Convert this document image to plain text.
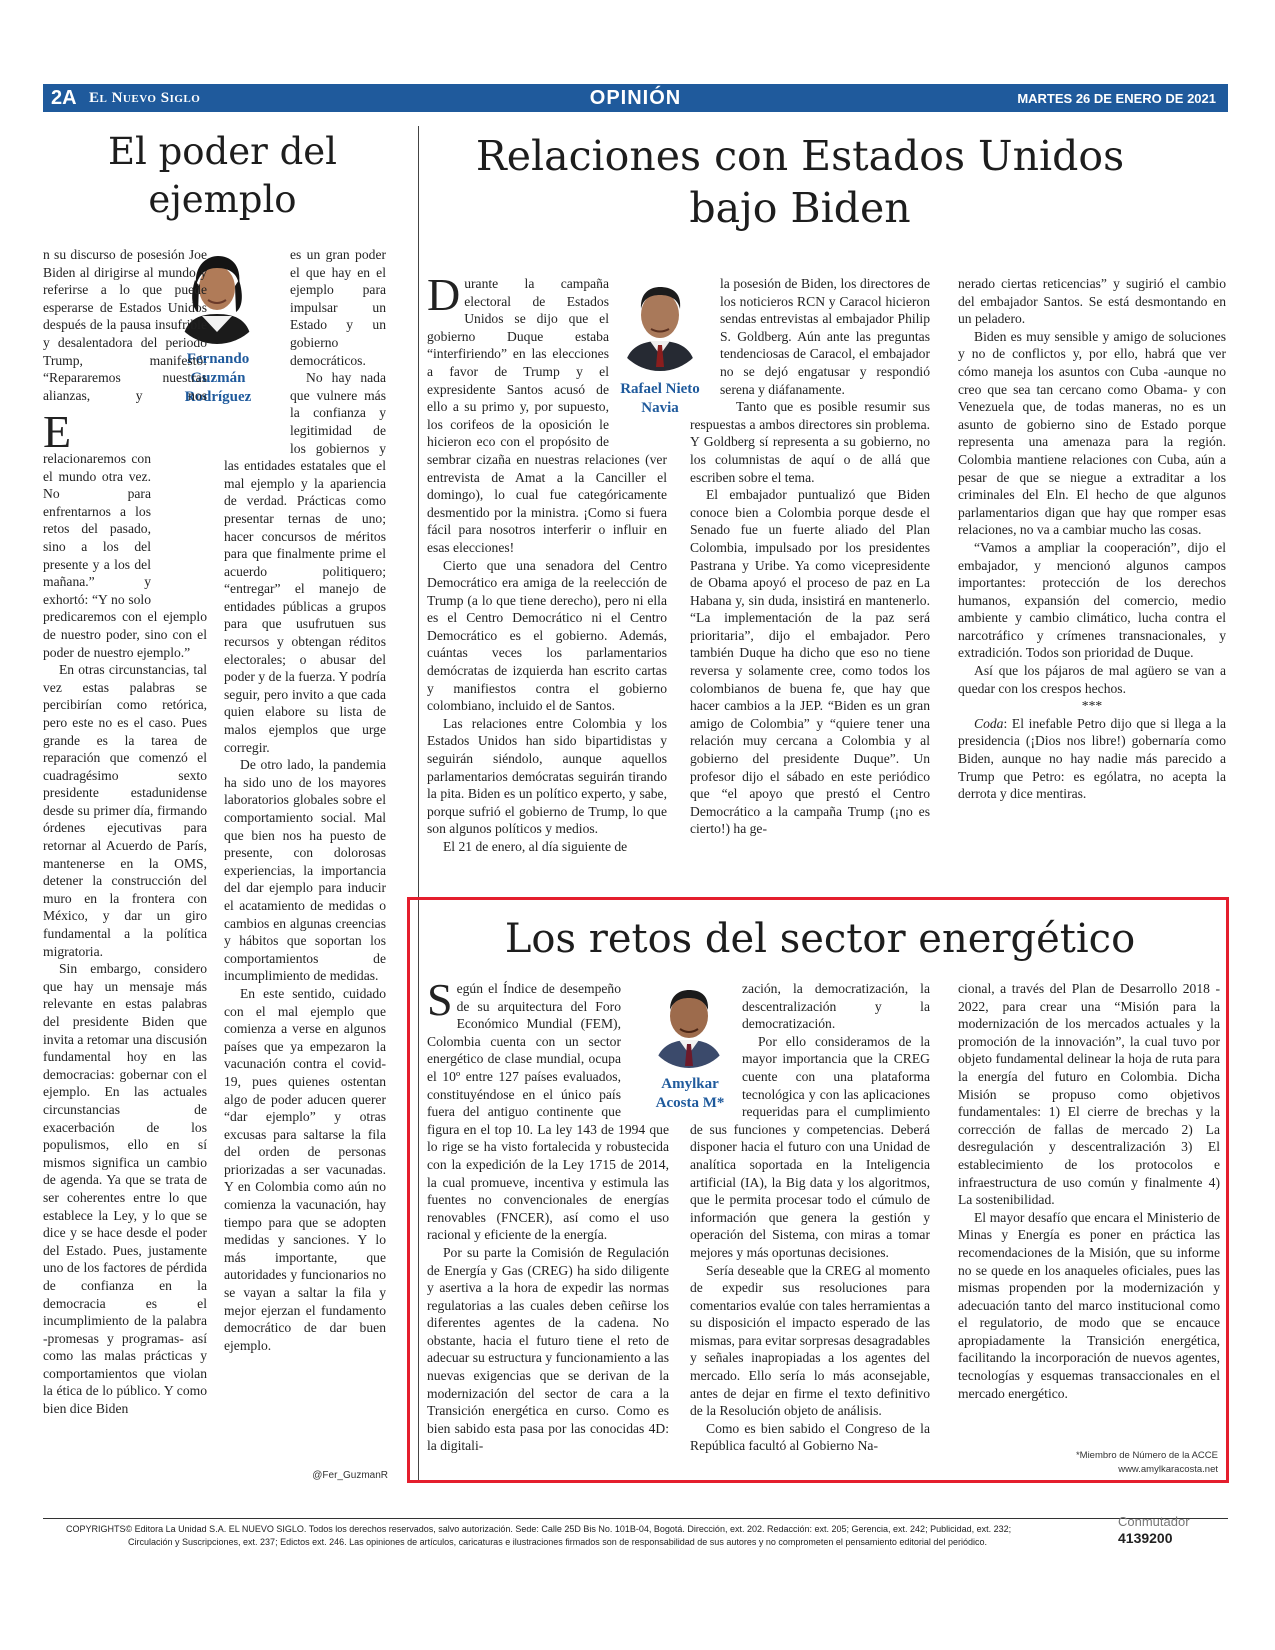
2A El Nuevo Siglo	OPINIÓN	MARTES 26 DE ENERO DE 2021
El poder del ejemplo
Fernando
Guzmán
Rodríguez

E
n su discurso de posesión Joe Biden al dirigirse al mundo y referirse a lo que puede esperarse de Estados Unidos después de la pausa insufrible y desalentadora del periodo Trump, manifestó: “Repararemos nuestras alianzas, y nos relacionaremos con el mundo otra vez. No para enfrentarnos a los retos del pasado, sino a los del presente y a los del mañana.” y exhortó: “Y no solo predicaremos con el ejemplo de nuestro poder, sino con el poder de nuestro ejemplo.”

En otras circunstancias, tal vez estas palabras se percibirían como retórica, pero este no es el caso. Pues grande es la tarea de reparación que comenzó el cuadragésimo sexto presidente estadunidense desde su primer día, firmando órdenes ejecutivas para retornar al Acuerdo de París, mantenerse en la OMS, detener la construcción del muro en la frontera con México, y dar un giro fundamental a la política migratoria.

Sin embargo, considero que hay un mensaje más relevante en estas palabras del presidente Biden que invita a retomar una discusión fundamental hoy en las democracias: gobernar con el ejemplo. En las actuales circunstancias de exacerbación de los populismos, ello en sí mismos significa un cambio de agenda. Ya que se trata de ser coherentes entre lo que establece la Ley, y lo que se dice y se hace desde el poder del Estado. Pues, justamente uno de los factores de pérdida de confianza en la democracia es el incumplimiento de la palabra -promesas y programas- así como las malas prácticas y comportamientos que violan la ética de lo público. Y como bien dice Biden

es un gran poder el que hay en el ejemplo para impulsar un Estado y un gobierno democráticos.

No hay nada que vulnere más la confianza y legitimidad de los gobiernos y las entidades estatales que el mal ejemplo y la apariencia de verdad. Prácticas como presentar ternas de uno; hacer concursos de méritos para que finalmente prime el acuerdo politiquero; “entregar” el manejo de entidades públicas a grupos para que usufrutuen sus recursos y obtengan réditos electorales; o abusar del poder y de la fuerza. Y podría seguir, pero invito a que cada quien elabore su lista de malos ejemplos que urge corregir.

De otro lado, la pandemia ha sido uno de los mayores laboratorios globales sobre el comportamiento social. Mal que bien nos ha puesto de presente, con dolorosas experiencias, la importancia del dar ejemplo para inducir el acatamiento de medidas o cambios en algunas creencias y hábitos que soportan los comportamientos de incumplimiento de medidas.

En este sentido, cuidado con el mal ejemplo que comienza a verse en algunos países que ya empezaron la vacunación contra el covid-19, pues quienes ostentan algo de poder aducen querer “dar ejemplo” y otras excusas para saltarse la fila del orden de personas priorizadas a ser vacunadas. Y en Colombia como aún no comienza la vacunación, hay tiempo para que se adopten medidas y sanciones. Y lo más importante, que autoridades y funcionarios no se vayan a saltar la fila y mejor ejerzan el fundamento democrático de dar buen ejemplo.

@Fer_GuzmanR
Relaciones con Estados Unidos bajo Biden
Rafael Nieto
Navia

Durante la campaña electoral de Estados Unidos se dijo que el gobierno Duque estaba “interfiriendo” en las elecciones a favor de Trump y el expresidente Santos acusó de ello a su primo y, por supuesto, los corifeos de la oposición le hicieron eco con el propósito de sembrar cizaña en nuestras relaciones (ver entrevista de Amat a la Canciller el domingo), lo cual fue categóricamente desmentido por la ministra. ¡Como si fuera fácil para nosotros interferir o influir en esas elecciones!

Cierto que una senadora del Centro Democrático era amiga de la reelección de Trump (a lo que tiene derecho), pero ni ella es el Centro Democrático ni el Centro Democrático es el gobierno. Además, cuántas veces los parlamentarios demócratas de izquierda han escrito cartas y manifiestos contra el gobierno colombiano, incluido el de Santos.

Las relaciones entre Colombia y los Estados Unidos han sido bipartidistas y seguirán siéndolo, aunque aquellos parlamentarios demócratas seguirán tirando la pita. Biden es un político experto, y sabe, porque sufrió el gobierno de Trump, lo que son algunos políticos y medios.

El 21 de enero, al día siguiente de

la posesión de Biden, los directores de los noticieros RCN y Caracol hicieron sendas entrevistas al embajador Philip S. Goldberg. Aún ante las preguntas tendenciosas de Caracol, el embajador no se dejó engatusar y respondió serena y diáfanamente.

Tanto que es posible resumir sus respuestas a ambos directores sin problema. Y Goldberg sí representa a su gobierno, no los columnistas de aquí o de allá que escriben sobre el tema.

El embajador puntualizó que Biden conoce bien a Colombia porque desde el Senado fue un fuerte aliado del Plan Colombia, impulsado por los presidentes Pastrana y Uribe. Ya como vicepresidente de Obama apoyó el proceso de paz en La Habana y, sin duda, insistirá en mantenerlo. “La implementación de la paz será prioritaria”, dijo el embajador. Pero también Duque ha dicho que eso no tiene reversa y solamente cree, como todos los colombianos de buena fe, que hay que hacer cambios a la JEP. “Biden es un gran amigo de Colombia” y “quiere tener una relación muy cercana a Colombia y al gobierno del presidente Duque”. Un profesor dijo el sábado en este periódico que “el apoyo que prestó el Centro Democrático a la campaña Trump (¡no es cierto!) ha ge-

nerado ciertas reticencias” y sugirió el cambio del embajador Santos. Se está desmontando en un peladero.

Biden es muy sensible y amigo de soluciones y no de conflictos y, por ello, habrá que ver cómo maneja los asuntos con Cuba -aunque no creo que sea tan cercano como Obama- y con Venezuela que, de todas maneras, no es un asunto de gobierno sino de Estado porque representa una amenaza para la región. Colombia mantiene relaciones con Cuba, aún a pesar de que se niegue a extraditar a los criminales del Eln. El hecho de que algunos parlamentarios digan que hay que romper esas relaciones, no va a cambiar mucho las cosas.

“Vamos a ampliar la cooperación”, dijo el embajador, y mencionó algunos campos importantes: protección de los derechos humanos, expansión del comercio, medio ambiente y cambio climático, lucha contra el narcotráfico y crímenes transnacionales, y extradición. Todos son prioridad de Duque.

Así que los pájaros de mal agüero se van a quedar con los crespos hechos.

***

Coda: El inefable Petro dijo que si llega a la presidencia (¡Dios nos libre!) gobernaría como Biden, aunque no hay nadie más parecido a Trump que Petro: es ególatra, no acepta la derrota y dice mentiras.

Los retos del sector energético
Amylkar
Acosta M*

Según el Índice de desempeño de su arquitectura del Foro Económico Mundial (FEM), Colombia cuenta con un sector energético de clase mundial, ocupa el 10º entre 127 países evaluados, constituyéndose en el único país fuera del antiguo continente que figura en el top 10. La ley 143 de 1994 que lo rige se ha visto fortalecida y robustecida con la expedición de la Ley 1715 de 2014, la cual promueve, incentiva y estimula las fuentes no convencionales de energías renovables (FNCER), así como el uso racional y eficiente de la energía.

Por su parte la Comisión de Regulación de Energía y Gas (CREG) ha sido diligente y asertiva a la hora de expedir las normas regulatorias a las cuales deben ceñirse los diferentes agentes de la cadena. No obstante, hacia el futuro tiene el reto de adecuar su estructura y funcionamiento a las nuevas exigencias que se derivan de la modernización del sector de cara a la Transición energética en curso. Como es bien sabido esta pasa por las conocidas 4D: la digitali-

zación, la democratización, la descentralización y la democratización.

Por ello consideramos de la mayor importancia que la CREG cuente con una plataforma tecnológica y con las aplicaciones requeridas para el cumplimiento de sus funciones y competencias. Deberá disponer hacia el futuro con una Unidad de analítica soportada en la Inteligencia artificial (IA), la Big data y los algoritmos, que le permita procesar todo el cúmulo de información que genera la gestión y operación del Sistema, con miras a tomar mejores y más oportunas decisiones.

Sería deseable que la CREG al momento de expedir sus resoluciones para comentarios evalúe con tales herramientas a su disposición el impacto esperado de las mismas, para evitar sorpresas desagradables y señales inapropiadas a los agentes del mercado. Ello sería lo más aconsejable, antes de dejar en firme el texto definitivo de la Resolución objeto de análisis.

Como es bien sabido el Congreso de la República facultó al Gobierno Na-

cional, a través del Plan de Desarrollo 2018 - 2022, para crear una “Misión para la modernización de los mercados actuales y la promoción de la innovación”, la cual tuvo por objeto fundamental delinear la hoja de ruta para la energía del futuro en Colombia. Dicha Misión se propuso como objetivos fundamentales: 1) El cierre de brechas y la corrección de fallas de mercado 2) La desregulación y descentralización 3) El establecimiento de los protocolos e infraestructura de uso común y finalmente 4) La sostenibilidad.

El mayor desafío que encara el Ministerio de Minas y Energía es poner en práctica las recomendaciones de la Misión, que su informe no se quede en los anaqueles oficiales, pues las mismas propenden por la modernización y adecuación tanto del marco institucional como el regulatorio, de modo que se encauce apropiadamente la Transición energética, facilitando la incorporación de nuevos agentes, tecnologías y esquemas transaccionales en el mercado energético.

*Miembro de Número de la ACCE
www.amylkaracosta.net
COPYRIGHTS© Editora La Unidad S.A. EL NUEVO SIGLO. Todos los derechos reservados, salvo autorización. Sede: Calle 25D Bis No. 101B-04, Bogotá. Dirección, ext. 202. Redacción: ext. 205; Gerencia, ext. 242; Publicidad, ext. 232;
Circulación y Suscripciones, ext. 237; Edictos ext. 246. Las opiniones de artículos, caricaturas e ilustraciones firmados son de responsabilidad de sus autores y no comprometen el pensamiento editorial del periódico.
Conmutador
4139200
